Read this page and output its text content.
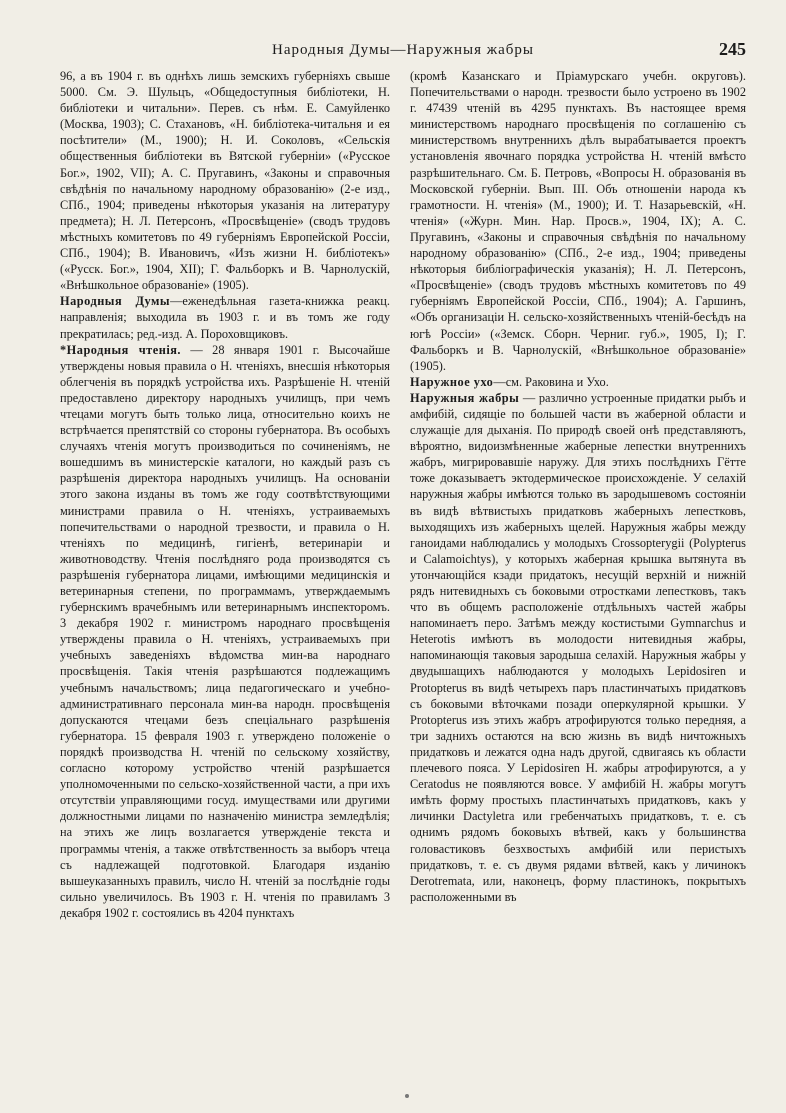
Народныя Думы—Наружныя жабры	245

96, а въ 1904 г. въ однѣхъ лишь земскихъ губерніяхъ свыше 5000. См. Э. Шульцъ, «Общедоступныя библіотеки, Н. библіотеки и читальни». Перев. съ нѣм. Е. Самуйленко (Москва, 1903); С. Стахановъ, «Н. библіотека-читальня и ея посѣтители» (М., 1900); Н. И. Соколовъ, «Сельскія общественныя библіотеки въ Вятской губерніи» («Русское Бог.», 1902, VII); А. С. Пругавинъ, «Законы и справочныя свѣдѣнія по начальному народному образованію» (2-е изд., СПб., 1904; приведены нѣкоторыя указанія на литературу предмета); Н. Л. Петерсонъ, «Просвѣщеніе» (сводъ трудовъ мѣстныхъ комитетовъ по 49 губерніямъ Европейской Россіи, СПб., 1904); В. Ивановичъ, «Изъ жизни Н. библіотекъ» («Русск. Бог.», 1904, XII); Г. Фальборкъ и В. Чарнолускій, «Внѣшкольное образованіе» (1905).

Народныя Думы—еженедѣльная газета-книжка реакц. направленія; выходила въ 1903 г. и въ томъ же году прекратилась; ред.-изд. А. Пороховщиковъ.

*Народныя чтенія. — 28 января 1901 г. Высочайше утверждены новыя правила о Н. чтеніяхъ, внесшія нѣкоторыя облегченія въ порядкѣ устройства ихъ. Разрѣшеніе Н. чтеній предоставлено директору народныхъ училищъ, при чемъ чтецами могутъ быть только лица, относительно коихъ не встрѣчается препятствій со стороны губернатора. Въ особыхъ случаяхъ чтенія могутъ производиться по сочиненіямъ, не вошедшимъ въ министерскіе каталоги, но каждый разъ съ разрѣшенія директора народныхъ училищъ. На основаніи этого закона изданы въ томъ же году соотвѣтствующими министрами правила о Н. чтеніяхъ, устраиваемыхъ попечительствами о народной трезвости, и правила о Н. чтеніяхъ по медицинѣ, гигіенѣ, ветеринаріи и животноводству. Чтенія послѣдняго рода производятся съ разрѣшенія губернатора лицами, имѣющими медицинскія и ветеринарныя степени, по программамъ, утверждаемымъ губернскимъ врачебнымъ или ветеринарнымъ инспекторомъ. 3 декабря 1902 г. министромъ народнаго просвѣщенія утверждены правила о Н. чтеніяхъ, устраиваемыхъ при учебныхъ заведеніяхъ вѣдомства мин-ва народнаго просвѣщенія. Такія чтенія разрѣшаются подлежащимъ учебнымъ начальствомъ; лица педагогическаго и учебно-административнаго персонала мин-ва народн. просвѣщенія допускаются чтецами безъ спеціальнаго разрѣшенія губернатора. 15 февраля 1903 г. утверждено положеніе о порядкѣ производства Н. чтеній по сельскому хозяйству, согласно которому устройство чтеній разрѣшается уполномоченными по сельско-хозяйственной части, а при ихъ отсутствіи управляющими госуд. имуществами или другими должностными лицами по назначенію министра земледѣлія; на этихъ же лицъ возлагается утвержденіе текста и программы чтенія, а также отвѣтственность за выборъ чтеца съ надлежащей подготовкой. Благодаря изданію вышеуказанныхъ правилъ, число Н. чтеній за послѣдніе годы сильно увеличилось. Въ 1903 г. Н. чтенія по правиламъ 3 декабря 1902 г. состоялись въ 4204 пунктахъ

(кромѣ Казанскаго и Пріамурскаго учебн. округовъ). Попечительствами о народн. трезвости было устроено въ 1902 г. 47439 чтеній въ 4295 пунктахъ. Въ настоящее время министерствомъ народнаго просвѣщенія по соглашенію съ министерствомъ внутреннихъ дѣлъ вырабатывается проектъ установленія явочнаго порядка устройства Н. чтеній вмѣсто разрѣшительнаго. См. Б. Петровъ, «Вопросы Н. образованія въ Московской губерніи. Вып. III. Объ отношеніи народа къ грамотности. Н. чтенія» (М., 1900); И. Т. Назарьевскій, «Н. чтенія» («Журн. Мин. Нар. Просв.», 1904, IX); А. С. Пругавинъ, «Законы и справочныя свѣдѣнія по начальному народному образованію» (СПб., 2-е изд., 1904; приведены нѣкоторыя библіографическія указанія); Н. Л. Петерсонъ, «Просвѣщеніе» (сводъ трудовъ мѣстныхъ комитетовъ по 49 губерніямъ Европейской Россіи, СПб., 1904); А. Гаршинъ, «Объ организаціи Н. сельско-хозяйственныхъ чтеній-бесѣдъ на югѣ Россіи» («Земск. Сборн. Черниг. губ.», 1905, I); Г. Фальборкъ и В. Чарнолускій, «Внѣшкольное образованіе» (1905).

Наружное ухо—см. Раковина и Ухо.

Наружныя жабры — различно устроенные придатки рыбъ и амфибій, сидящіе по большей части въ жаберной области и служащіе для дыханія. По природѣ своей онѣ представляютъ, вѣроятно, видоизмѣненные жаберные лепестки внутреннихъ жабръ, мигрировавшіе наружу. Для этихъ послѣднихъ Гётте тоже доказываетъ эктодермическое происхожденіе. У селахій наружныя жабры имѣются только въ зародышевомъ состояніи въ видѣ вѣтвистыхъ придатковъ жаберныхъ лепестковъ, выходящихъ изъ жаберныхъ щелей. Наружныя жабры между ганоидами наблюдались у молодыхъ Crossopterygii (Polypterus и Calamoichtys), у которыхъ жаберная крышка вытянута въ утончающійся кзади придатокъ, несущій верхній и нижній рядъ нитевидныхъ съ боковыми отростками лепестковъ, такъ что въ общемъ расположеніе отдѣльныхъ частей жабры напоминаетъ перо. Затѣмъ между костистыми Gymnarchus и Heterotis имѣютъ въ молодости нитевидныя жабры, напоминающія таковыя зародыша селахій. Наружныя жабры у двудышащихъ наблюдаются у молодыхъ Lepidosiren и Protopterus въ видѣ четырехъ паръ пластинчатыхъ придатковъ съ боковыми вѣточками позади оперкулярной крышки. У Protopterus изъ этихъ жабръ атрофируются только передняя, а три заднихъ остаются на всю жизнь въ видѣ ничтожныхъ придатковъ и лежатся одна надъ другой, сдвигаясь къ области плечевого пояса. У Lepidosiren Н. жабры атрофируются, а у Ceratodus не появляются вовсе. У амфибій Н. жабры могутъ имѣть форму простыхъ пластинчатыхъ придатковъ, какъ у личинки Dactyletra или гребенчатыхъ придатковъ, т. е. съ однимъ рядомъ боковыхъ вѣтвей, какъ у большинства головастиковъ безхвостыхъ амфибій или перистыхъ придатковъ, т. е. съ двумя рядами вѣтвей, какъ у личинокъ Derotremata, или, наконецъ, форму пластинокъ, покрытыхъ расположенными въ
